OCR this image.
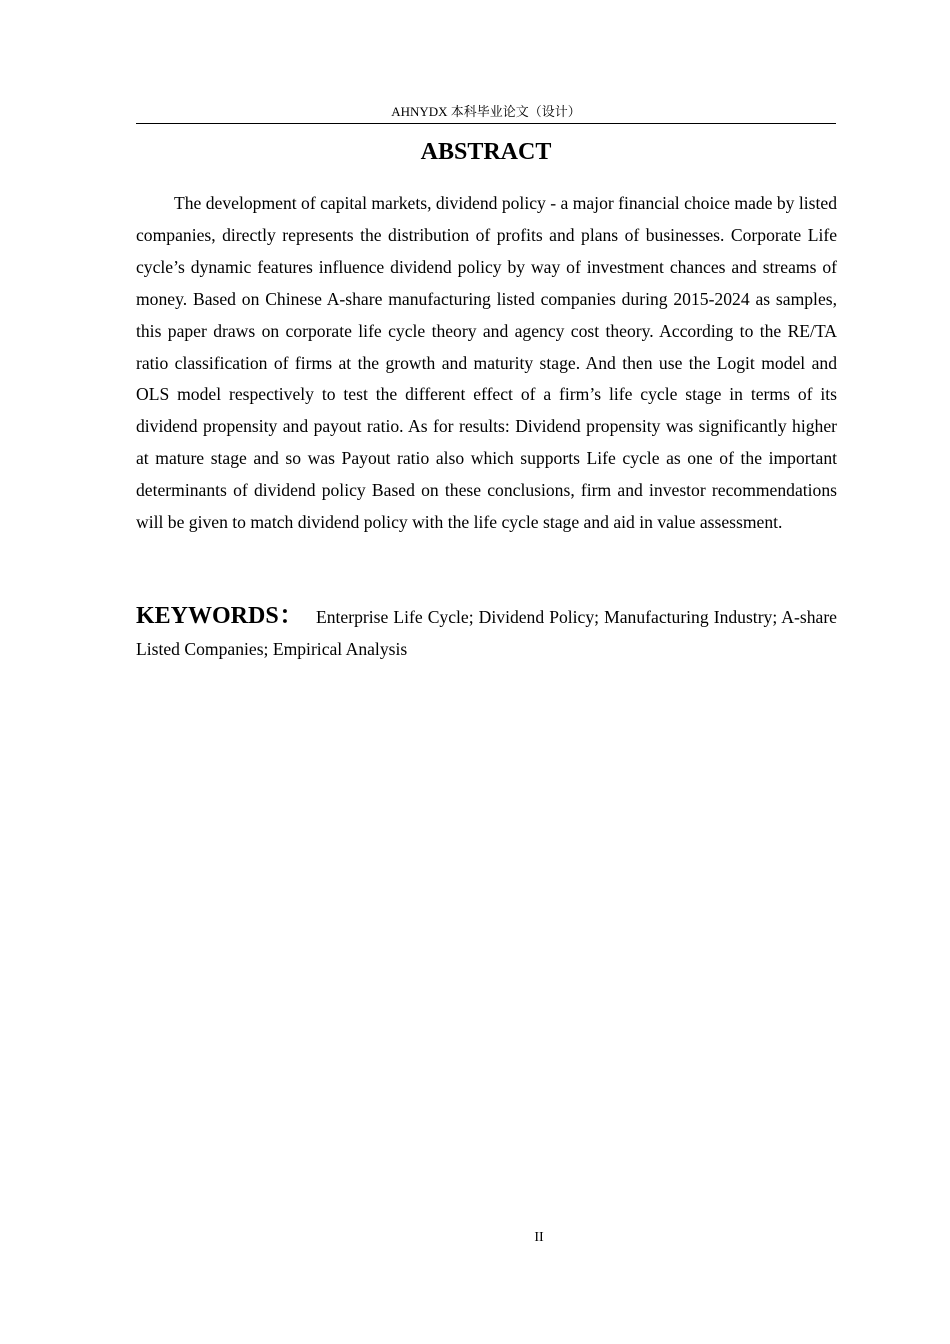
AHNYDX 本科毕业论文（设计）
ABSTRACT

The development of capital markets, dividend policy - a major financial choice made by listed companies, directly represents the distribution of profits and plans of businesses. Corporate Life cycle’s dynamic features influence dividend policy by way of investment chances and streams of money. Based on Chinese A-share manufacturing listed companies during 2015-2024 as samples, this paper draws on corporate life cycle theory and agency cost theory. According to the RE/TA ratio classification of firms at the growth and maturity stage. And then use the Logit model and OLS model respectively to test the different effect of a firm’s life cycle stage in terms of its dividend propensity and payout ratio. As for results: Dividend propensity was significantly higher at mature stage and so was Payout ratio also which supports Life cycle as one of the important determinants of dividend policy Based on these conclusions, firm and investor recommendations will be given to match dividend policy with the life cycle stage and aid in value assessment.

KEYWORDS： Enterprise Life Cycle; Dividend Policy; Manufacturing Industry; A-share Listed Companies; Empirical Analysis

II
